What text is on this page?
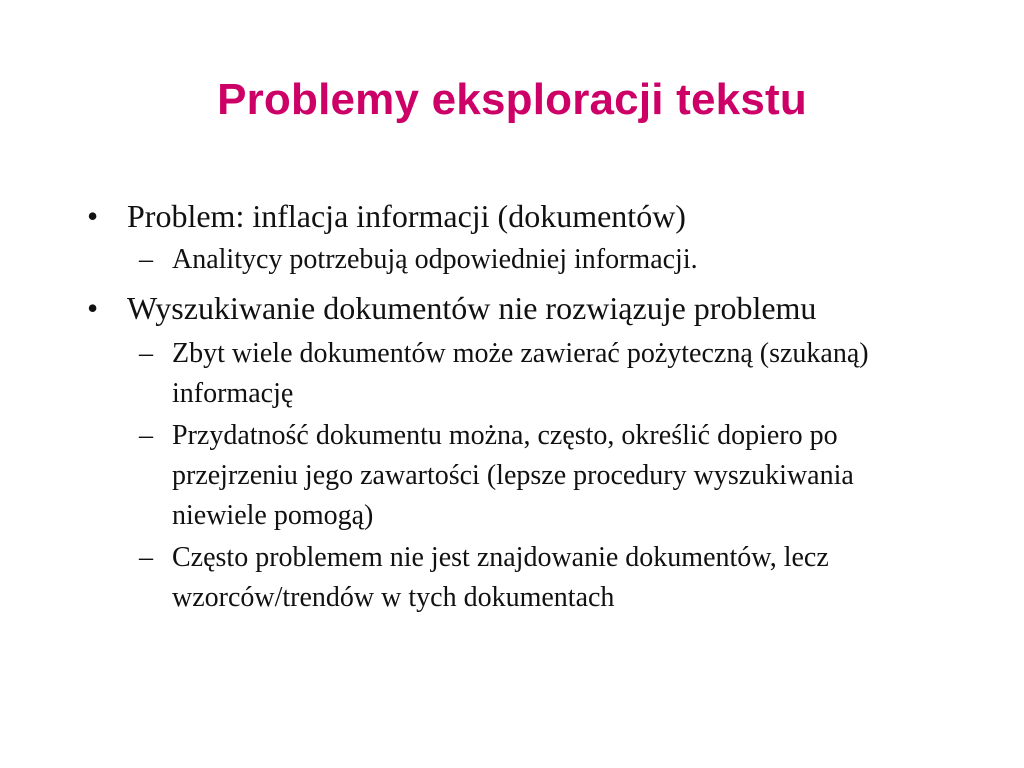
Problemy eksploracji tekstu
• Problem: inflacja informacji (dokumentów)
– Analitycy potrzebują odpowiedniej informacji.
• Wyszukiwanie dokumentów nie rozwiązuje problemu
– Zbyt wiele dokumentów może zawierać pożyteczną (szukaną) informację
– Przydatność dokumentu można, często, określić dopiero po przejrzeniu jego zawartości (lepsze procedury wyszukiwania niewiele pomogą)
– Często problemem nie jest znajdowanie dokumentów, lecz wzorców/trendów w tych dokumentach
